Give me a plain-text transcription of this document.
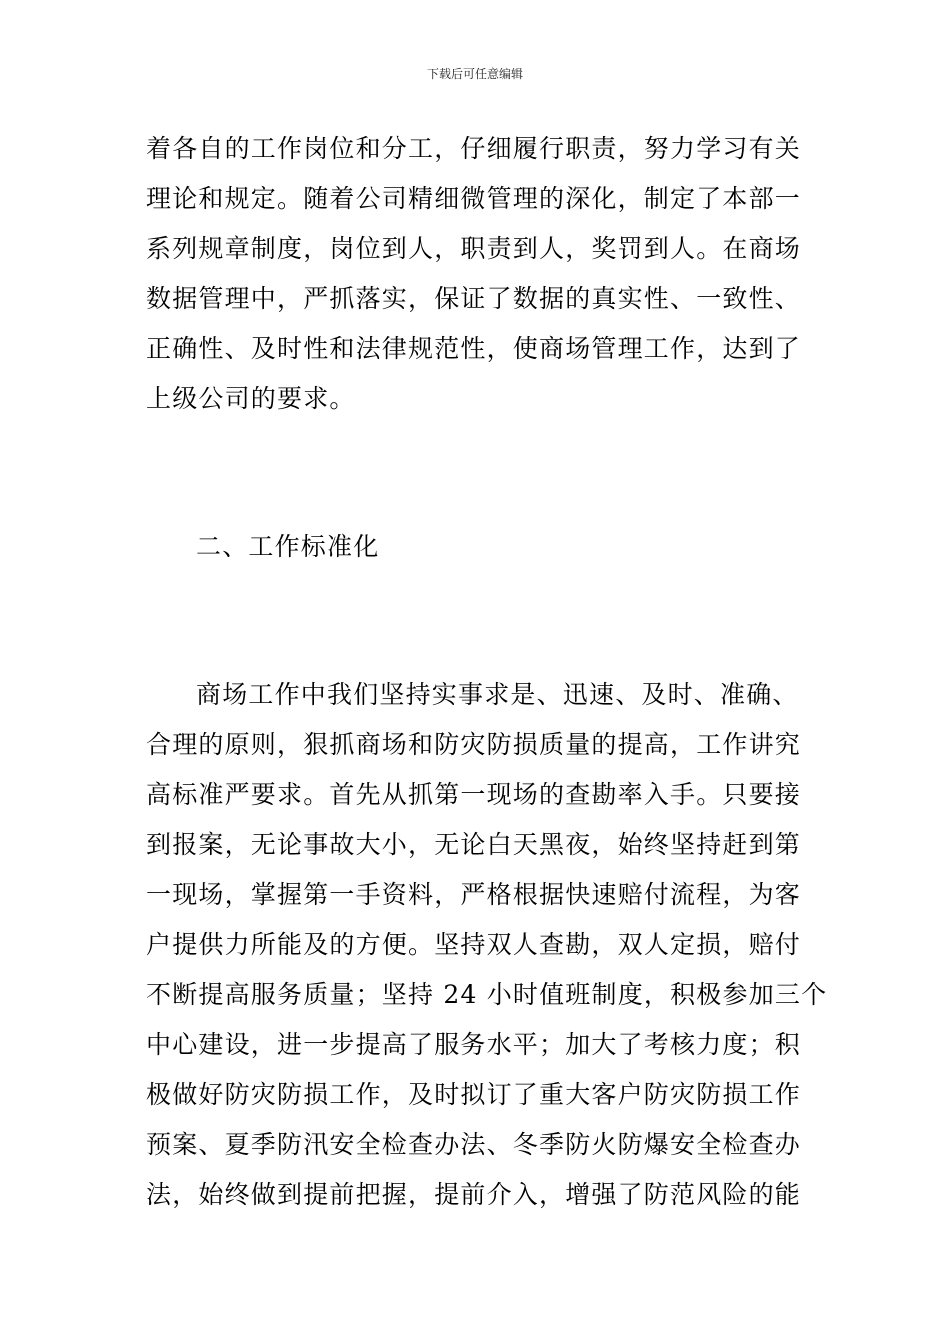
下载后可任意编辑
着各自的工作岗位和分工，仔细履行职责，努力学习有关
理论和规定。随着公司精细微管理的深化，制定了本部一
系列规章制度，岗位到人，职责到人，奖罚到人。在商场
数据管理中，严抓落实，保证了数据的真实性、一致性、
正确性、及时性和法律规范性，使商场管理工作，达到了
上级公司的要求。
二、工作标准化
商场工作中我们坚持实事求是、迅速、及时、准确、
合理的原则，狠抓商场和防灾防损质量的提高，工作讲究
高标准严要求。首先从抓第一现场的查勘率入手。只要接
到报案，无论事故大小，无论白天黑夜，始终坚持赶到第
一现场，掌握第一手资料，严格根据快速赔付流程，为客
户提供力所能及的方便。坚持双人查勘，双人定损，赔付
不断提高服务质量；坚持 24 小时值班制度，积极参加三个
中心建设，进一步提高了服务水平；加大了考核力度；积
极做好防灾防损工作，及时拟订了重大客户防灾防损工作
预案、夏季防汛安全检查办法、冬季防火防爆安全检查办
法，始终做到提前把握，提前介入，增强了防范风险的能
